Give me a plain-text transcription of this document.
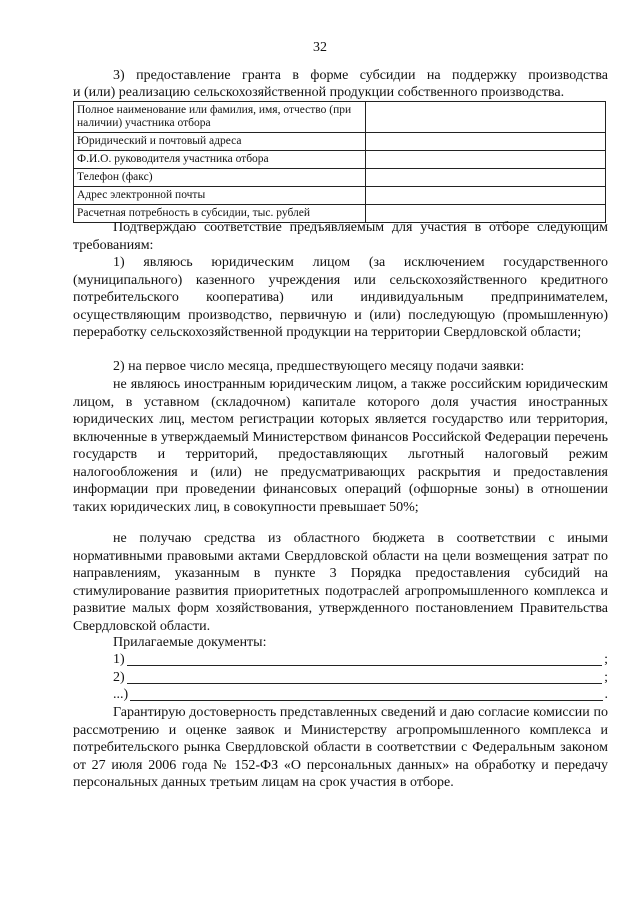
32

3) предоставление гранта в форме субсидии на поддержку производства

и (или) реализацию сельскохозяйственной продукции собственного производства.

Полное наименование или фамилия, имя, отчество (при наличии) участника отбора	
Юридический и почтовый адреса	
Ф.И.О. руководителя участника отбора	
Телефон (факс)	
Адрес электронной почты	
Расчетная потребность в субсидии, тыс. рублей	

Подтверждаю соответствие предъявляемым для участия в отборе следующим требованиям:

1) являюсь юридическим лицом (за исключением государственного (муниципального) казенного учреждения или сельскохозяйственного кредитного потребительского кооператива) или индивидуальным предпринимателем, осуществляющим производство, первичную и (или) последующую (промышленную) переработку сельскохозяйственной продукции на территории Свердловской области;

2) на первое число месяца, предшествующего месяцу подачи заявки:

не являюсь иностранным юридическим лицом, а также российским юридическим лицом, в уставном (складочном) капитале которого доля участия иностранных юридических лиц, местом регистрации которых является государство или территория, включенные в утверждаемый Министерством финансов Российской Федерации перечень государств и территорий, предоставляющих льготный налоговый режим налогообложения и (или) не предусматривающих раскрытия и предоставления информации при проведении финансовых операций (офшорные зоны) в отношении таких юридических лиц, в совокупности превышает 50%;

не получаю средства из областного бюджета в соответствии с иными нормативными правовыми актами Свердловской области на цели возмещения затрат по направлениям, указанным в пункте 3 Порядка предоставления субсидий на стимулирование развития приоритетных подотраслей агропромышленного комплекса и развитие малых форм хозяйствования, утвержденного постановлением Правительства Свердловской области.

Прилагаемые документы:

1)	;
2)	;
...)	.

Гарантирую достоверность представленных сведений и даю согласие комиссии по рассмотрению и оценке заявок и Министерству агропромышленного комплекса и потребительского рынка Свердловской области в соответствии с Федеральным законом от 27 июля 2006 года № 152-ФЗ «О персональных данных» на обработку и передачу персональных данных третьим лицам на срок участия в отборе.
